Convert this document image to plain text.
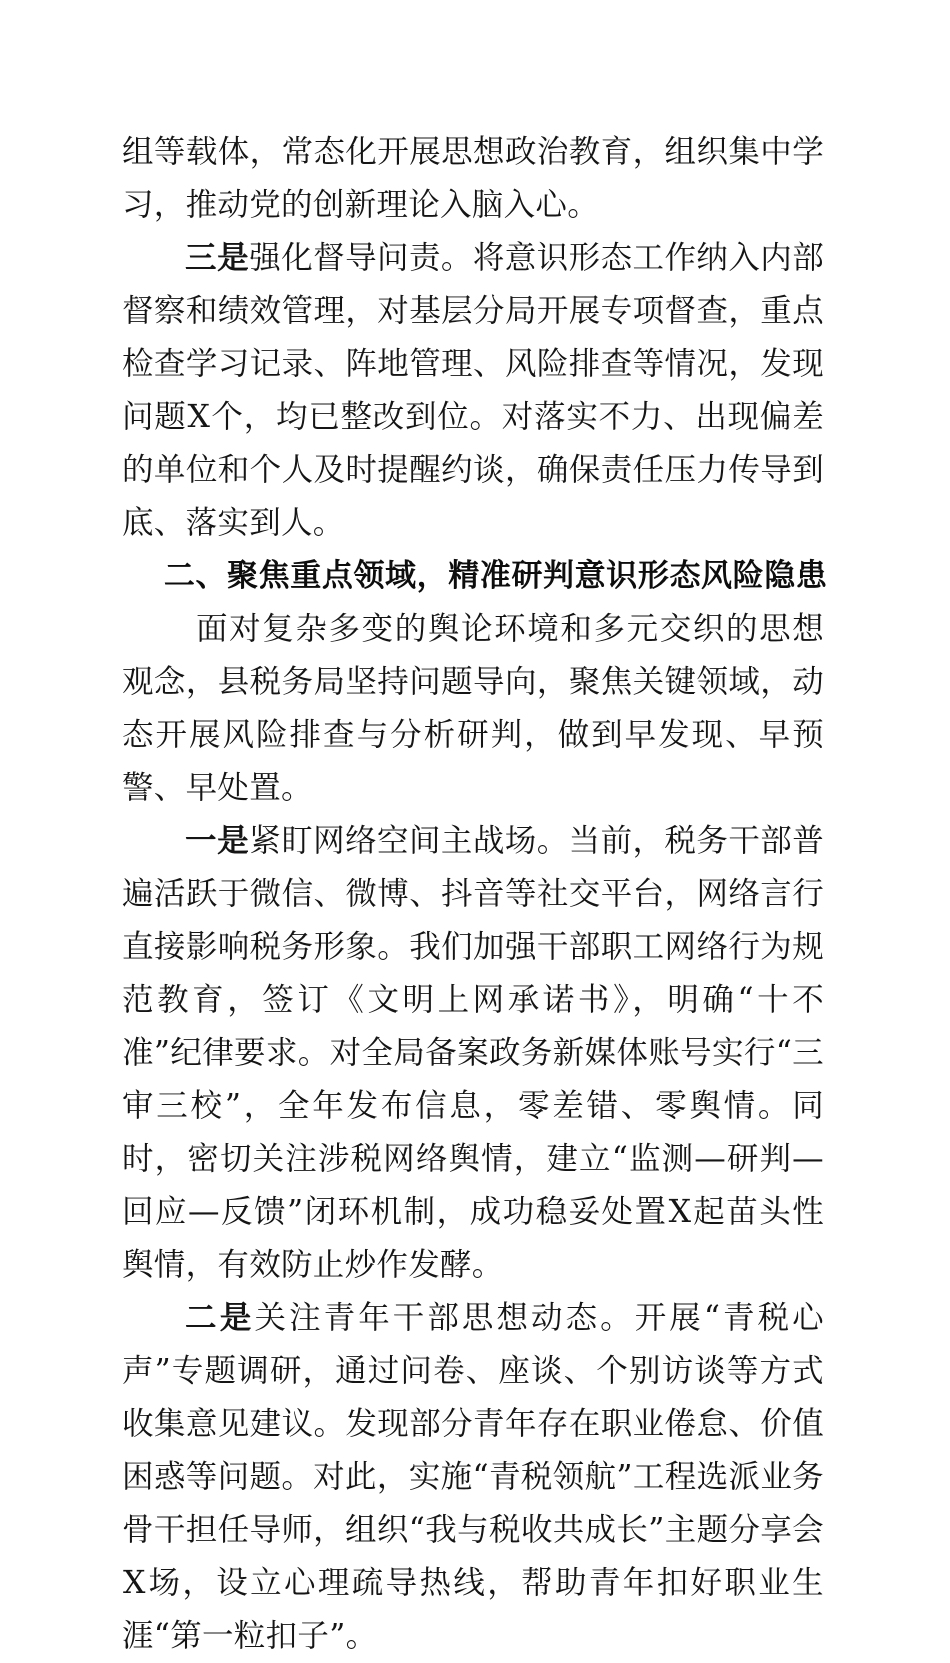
组等载体，常态化开展思想政治教育，组织集中学习，推动党的创新理论入脑入心。

三是强化督导问责。将意识形态工作纳入内部督察和绩效管理，对基层分局开展专项督查，重点检查学习记录、阵地管理、风险排查等情况，发现问题X个，均已整改到位。对落实不力、出现偏差的单位和个人及时提醒约谈，确保责任压力传导到底、落实到人。

二、聚焦重点领域，精准研判意识形态风险隐患

面对复杂多变的舆论环境和多元交织的思想观念，县税务局坚持问题导向，聚焦关键领域，动态开展风险排查与分析研判，做到早发现、早预警、早处置。

一是紧盯网络空间主战场。当前，税务干部普遍活跃于微信、微博、抖音等社交平台，网络言行直接影响税务形象。我们加强干部职工网络行为规范教育，签订《文明上网承诺书》，明确“十不准”纪律要求。对全局备案政务新媒体账号实行“三审三校”，全年发布信息，零差错、零舆情。同时，密切关注涉税网络舆情，建立“监测—研判—回应—反馈”闭环机制，成功稳妥处置X起苗头性舆情，有效防止炒作发酵。

二是关注青年干部思想动态。开展“青税心声”专题调研，通过问卷、座谈、个别访谈等方式收集意见建议。发现部分青年存在职业倦怠、价值困惑等问题。对此，实施“青税领航”工程选派业务骨干担任导师，组织“我与税收共成长”主题分享会X场，设立心理疏导热线，帮助青年扣好职业生涯“第一粒扣子”。
